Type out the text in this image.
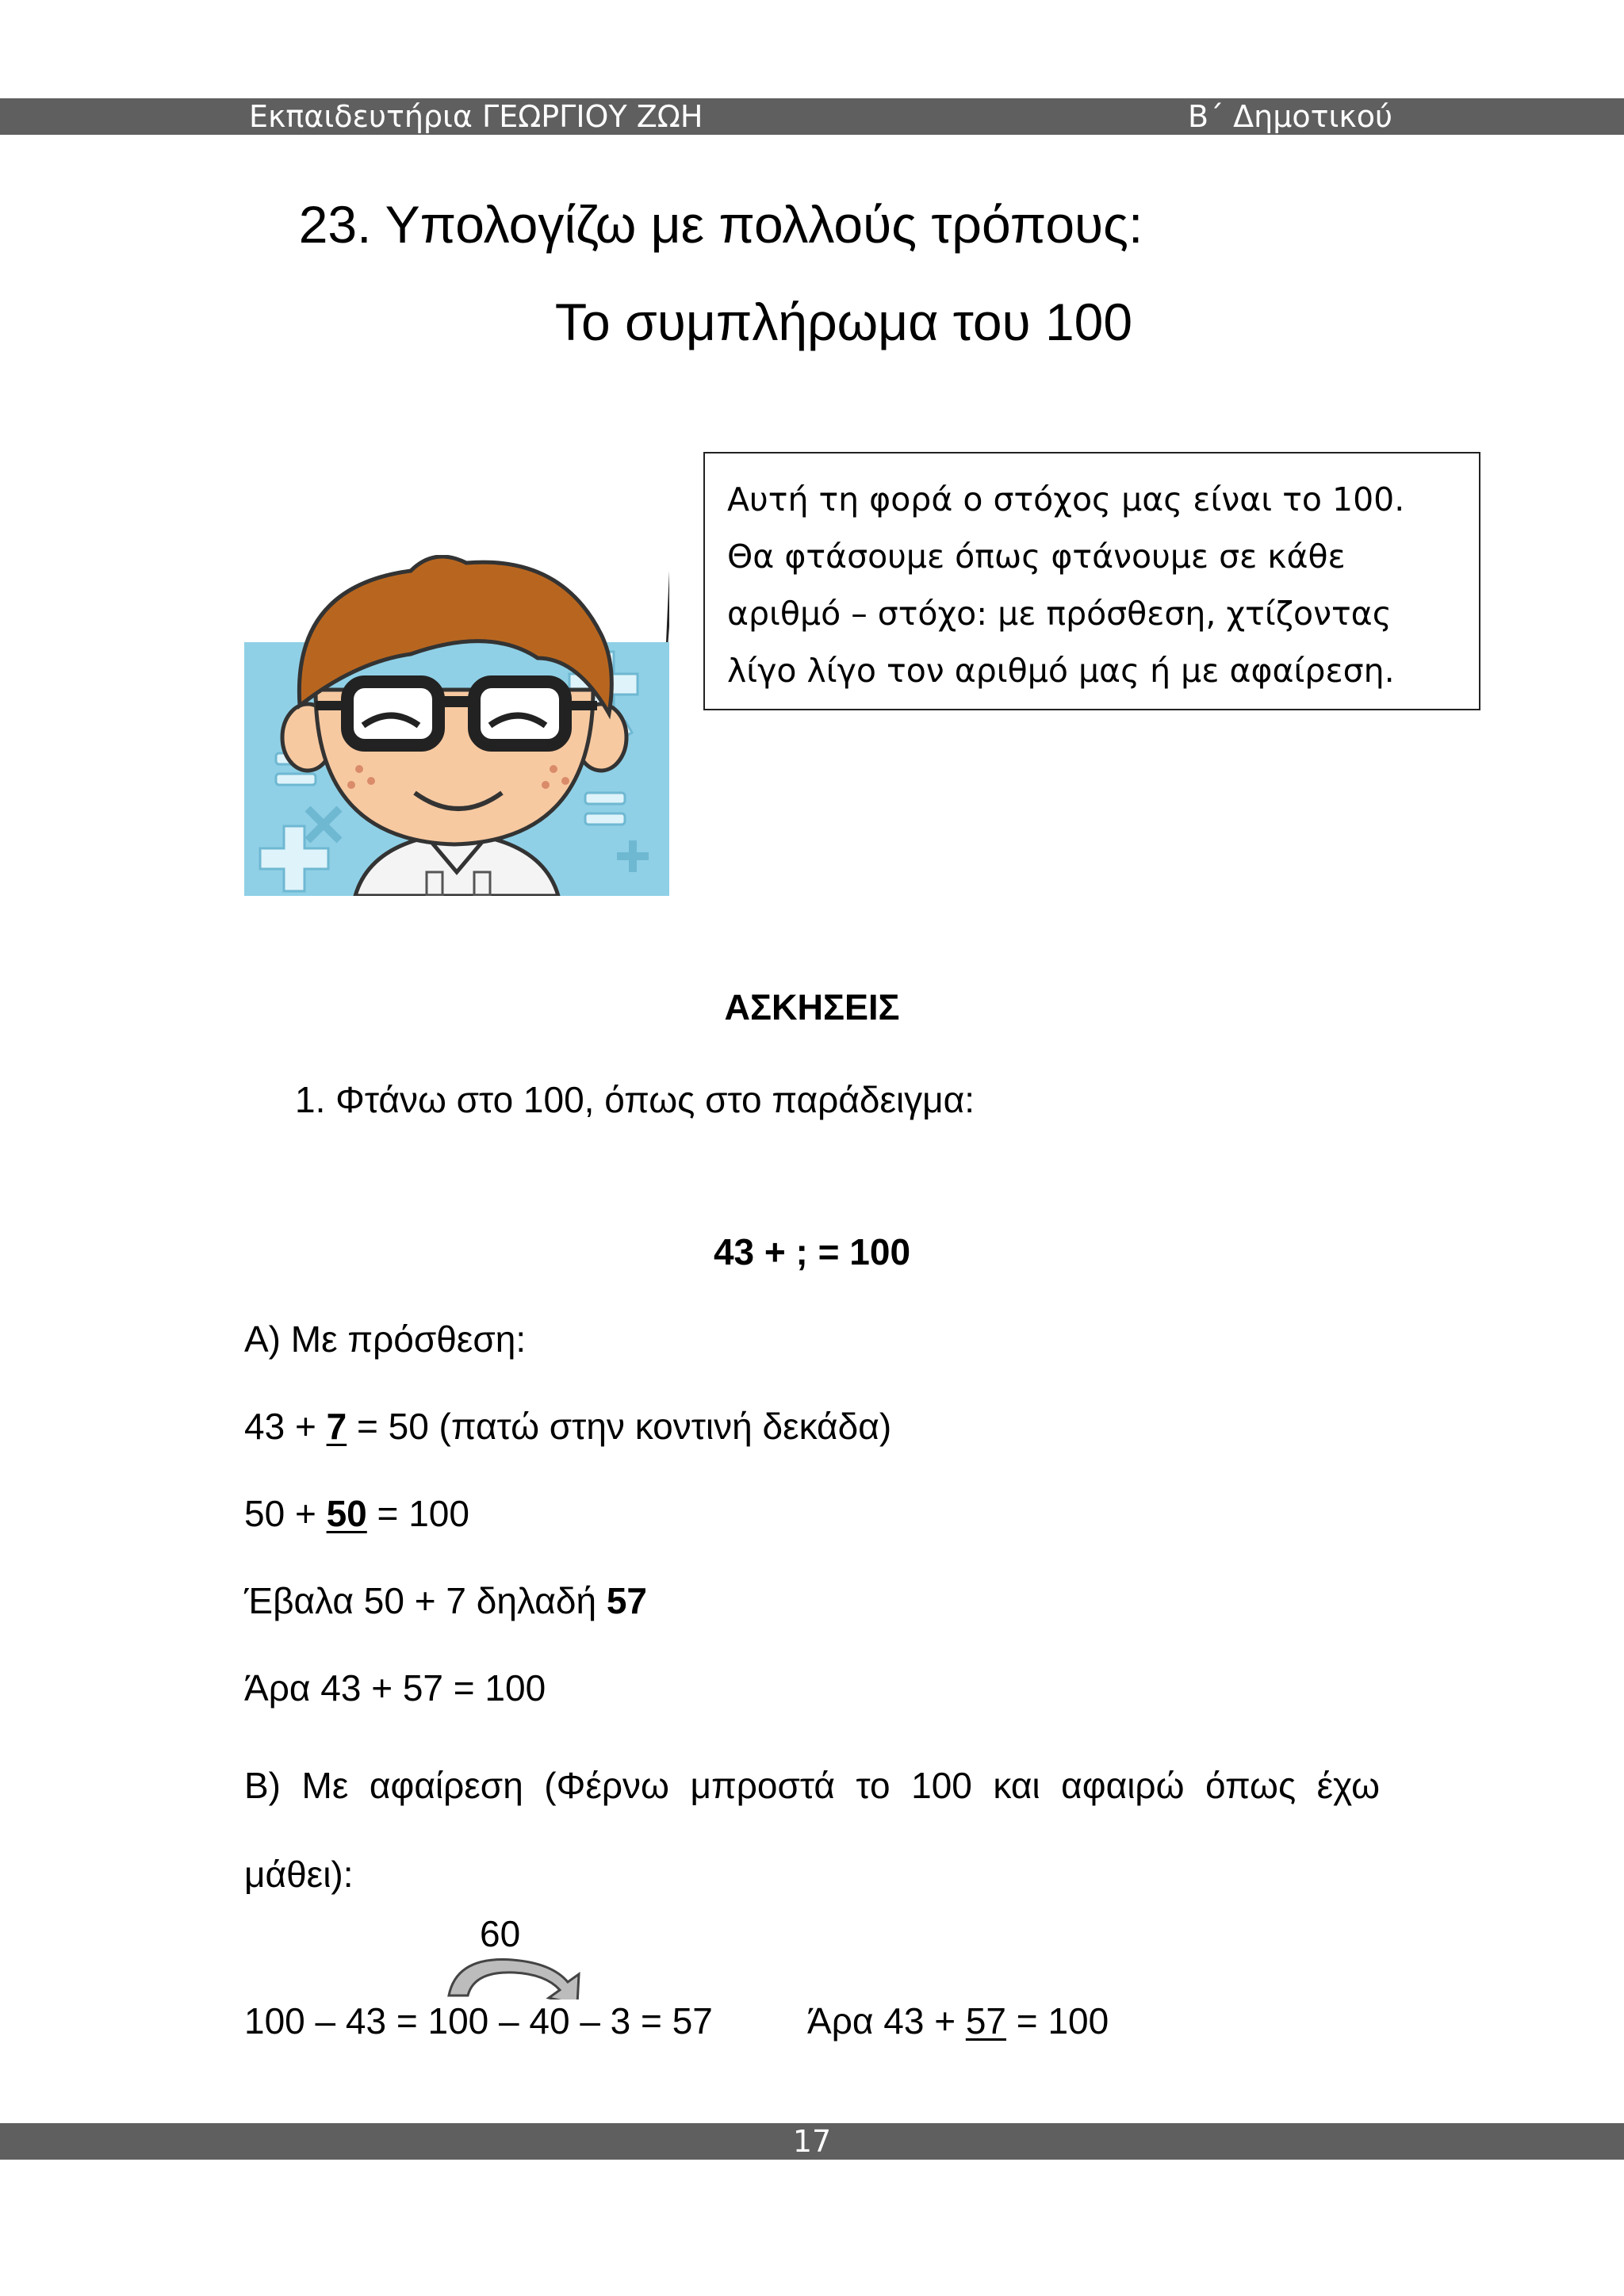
Εκπαιδευτήρια ΓΕΩΡΓΙΟΥ ΖΩΗ	Β΄ Δημοτικού
23. Υπολογίζω με πολλούς τρόπους:
Το συμπλήρωμα του 100
Αυτή τη φορά ο στόχος μας είναι το 100.
Θα φτάσουμε όπως φτάνουμε σε κάθε
αριθμό – στόχο: με πρόσθεση, χτίζοντας
λίγο λίγο τον αριθμό μας ή με αφαίρεση.
ΑΣΚΗΣΕΙΣ
1. Φτάνω στο 100, όπως στο παράδειγμα:
43 + ; = 100
Α) Με πρόσθεση:
43 + 7 = 50 (πατώ στην κοντινή δεκάδα)
50 + 50 = 100
Έβαλα 50 + 7 δηλαδή 57
Άρα 43 + 57 = 100
Β) Με αφαίρεση (Φέρνω μπροστά το 100 και αφαιρώ όπως έχω μάθει):
60
100 – 43 = 100 – 40 – 3 = 57	Άρα 43 + 57 = 100
17
